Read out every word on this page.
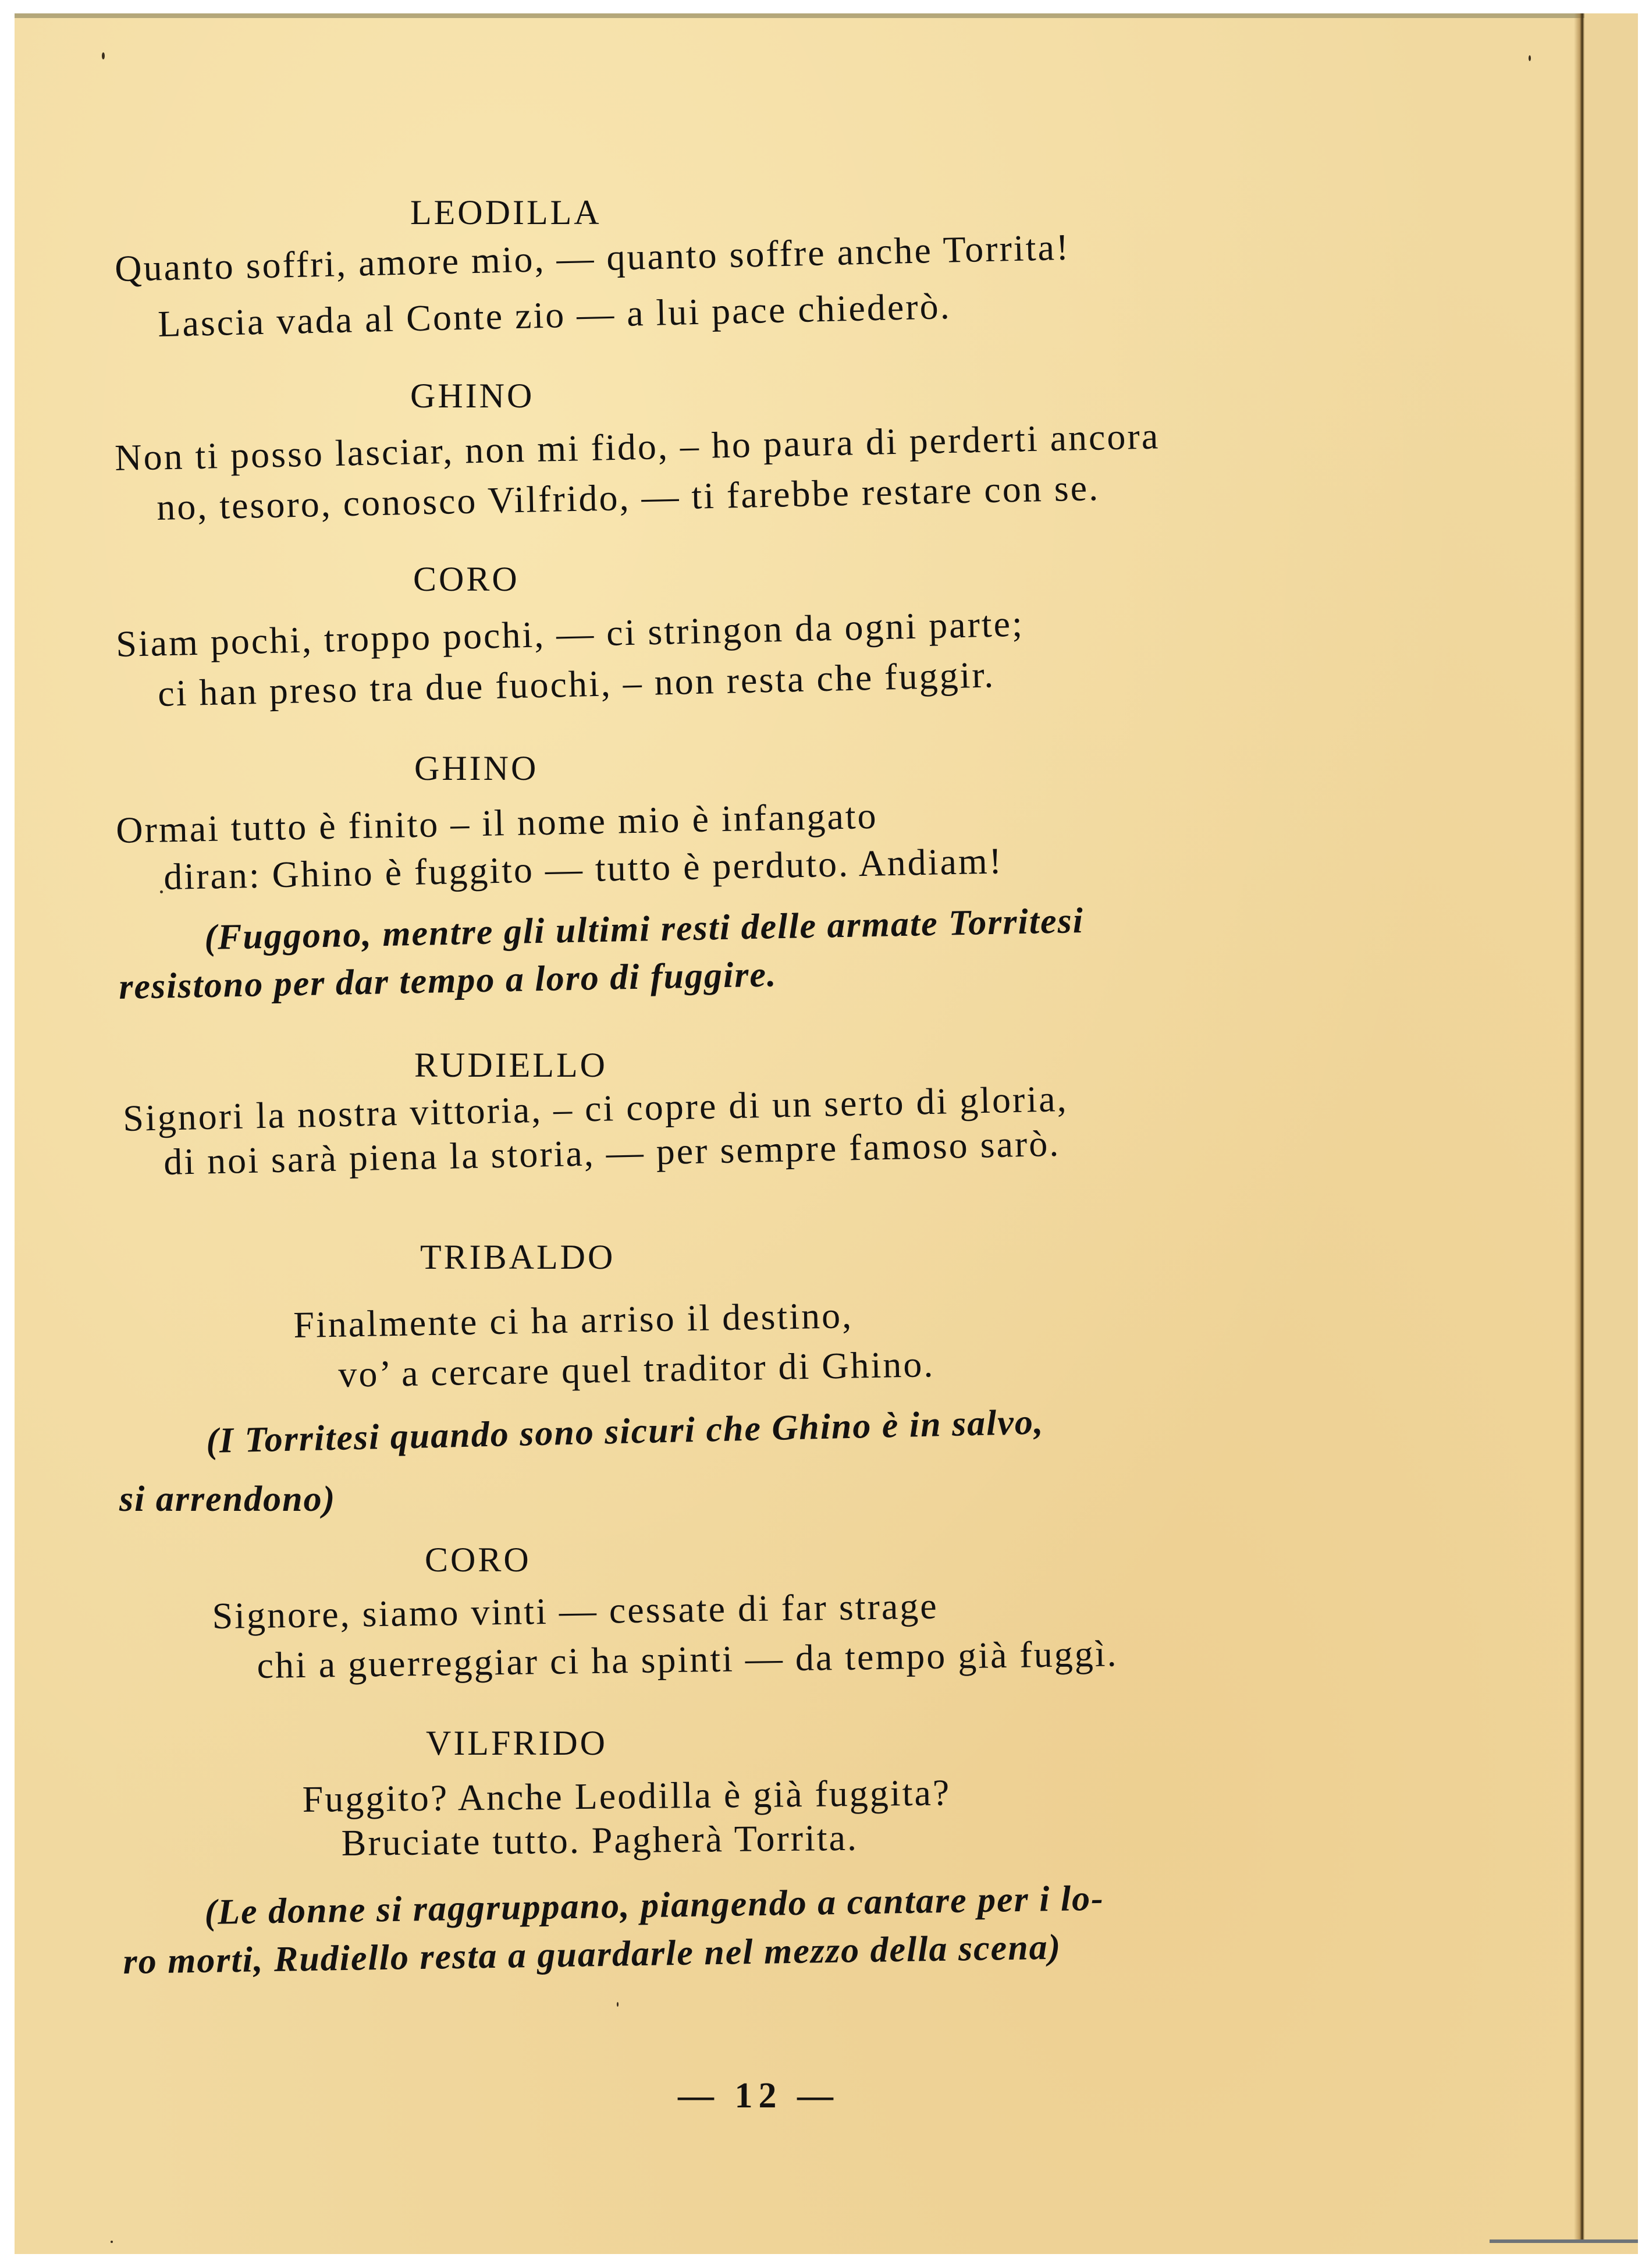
LEODILLA
Quanto soffri, amore mio, — quanto soffre anche Torrita!
Lascia vada al Conte zio — a lui pace chiederò.
GHINO
Non ti posso lasciar, non mi fido, – ho paura di perderti ancora
no, tesoro, conosco Vilfrido, — ti farebbe restare con se.
CORO
Siam pochi, troppo pochi, — ci stringon da ogni parte;
ci han preso tra due fuochi, – non resta che fuggir.
GHINO
Ormai tutto è finito – il nome mio è infangato
diran: Ghino è fuggito — tutto è perduto. Andiam!
(Fuggono, mentre gli ultimi resti delle armate Torritesi
resistono per dar tempo a loro di fuggire.
RUDIELLO
Signori la nostra vittoria, – ci copre di un serto di gloria,
di noi sarà piena la storia, — per sempre famoso sarò.
TRIBALDO
Finalmente ci ha arriso il destino,
vo’ a cercare quel traditor di Ghino.
(I Torritesi quando sono sicuri che Ghino è in salvo,
si arrendono)
CORO
Signore, siamo vinti — cessate di far strage
chi a guerreggiar ci ha spinti — da tempo già fuggì.
VILFRIDO
Fuggito? Anche Leodilla è già fuggita?
Bruciate tutto. Pagherà Torrita.
(Le donne si raggruppano, piangendo a cantare per i lo-
ro morti, Rudiello resta a guardarle nel mezzo della scena)
— 12 —
